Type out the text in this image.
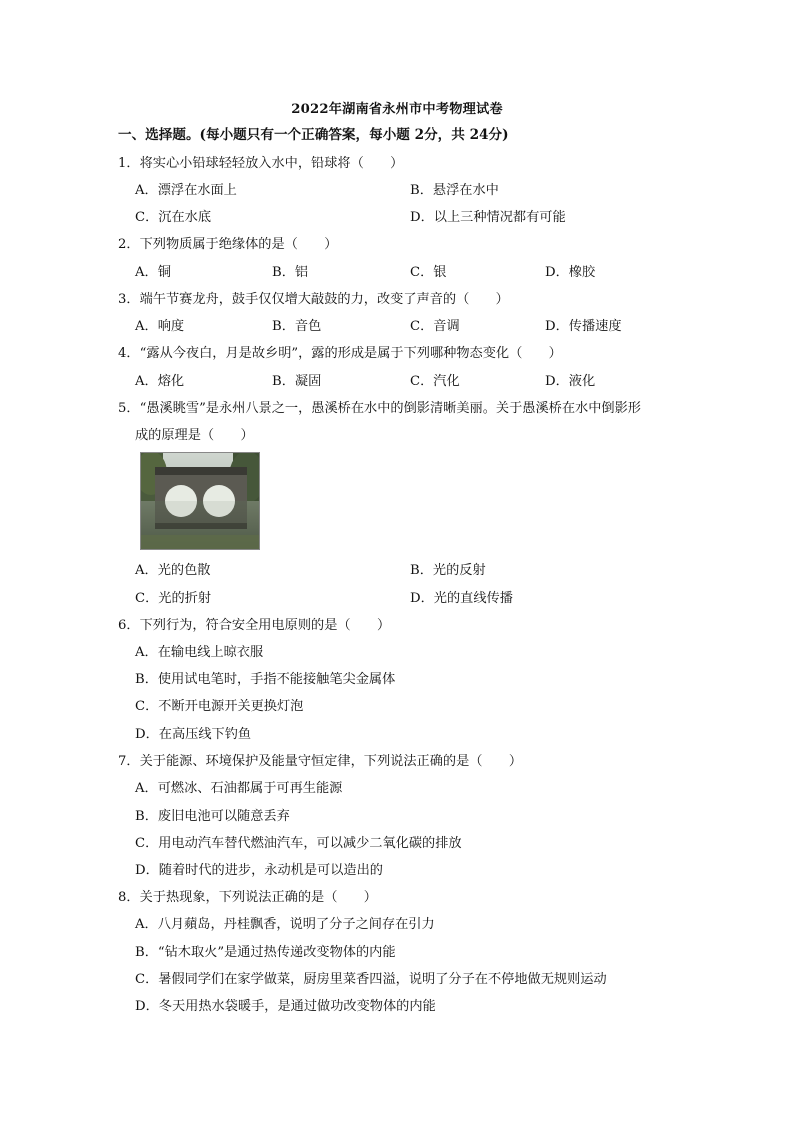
2022年湖南省永州市中考物理试卷
一、选择题。(每小题只有一个正确答案，每小题 2分，共 24分)
1．将实心小铅球轻轻放入水中，铅球将（　　）
A．漂浮在水面上	B．悬浮在水中
C．沉在水底	D．以上三种情况都有可能
2．下列物质属于绝缘体的是（　　）
A．铜	B．铝	C．银	D．橡胶
3．端午节赛龙舟，鼓手仅仅增大敲鼓的力，改变了声音的（　　）
A．响度	B．音色	C．音调	D．传播速度
4．“露从今夜白，月是故乡明”，露的形成是属于下列哪种物态变化（　　）
A．熔化	B．凝固	C．汽化	D．液化
5．“愚溪眺雪”是永州八景之一，愚溪桥在水中的倒影清晰美丽。关于愚溪桥在水中倒影形
成的原理是（　　）
A．光的色散	B．光的反射
C．光的折射	D．光的直线传播
6．下列行为，符合安全用电原则的是（　　）
A．在输电线上晾衣服
B．使用试电笔时，手指不能接触笔尖金属体
C．不断开电源开关更换灯泡
D．在高压线下钓鱼
7．关于能源、环境保护及能量守恒定律，下列说法正确的是（　　）
A．可燃冰、石油都属于可再生能源
B．废旧电池可以随意丢弃
C．用电动汽车替代燃油汽车，可以减少二氧化碳的排放
D．随着时代的进步，永动机是可以造出的
8．关于热现象，下列说法正确的是（　　）
A．八月蘋岛，丹桂飘香，说明了分子之间存在引力
B．“钻木取火”是通过热传递改变物体的内能
C．暑假同学们在家学做菜，厨房里菜香四溢，说明了分子在不停地做无规则运动
D．冬天用热水袋暖手，是通过做功改变物体的内能
